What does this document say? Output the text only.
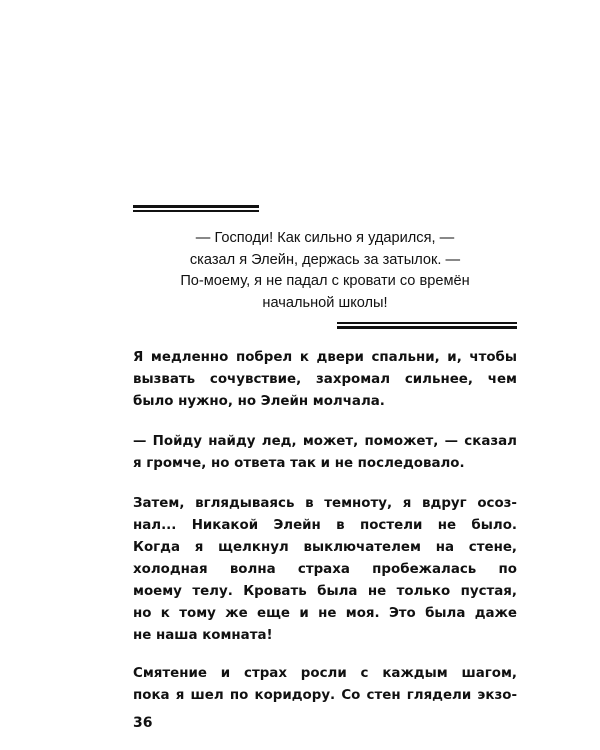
— Господи! Как сильно я ударился, —
сказал я Элейн, держась за затылок. —
По-моему, я не падал с кровати со времён
начальной школы!
Я медленно побрел к двери спальни, и, чтобы
вызвать сочувствие, захромал сильнее, чем
было нужно, но Элейн молчала.
— Пойду найду лед, может, поможет, — сказал
я громче, но ответа так и не последовало.
Затем, вглядываясь в темноту, я вдруг осоз-
нал... Никакой Элейн в постели не было.
Когда я щелкнул выключателем на стене,
холодная волна страха пробежалась по
моему телу. Кровать была не только пустая,
но к тому же еще и не моя. Это была даже
не наша комната!
Смятение и страх росли с каждым шагом,
пока я шел по коридору. Со стен глядели экзо-
36
